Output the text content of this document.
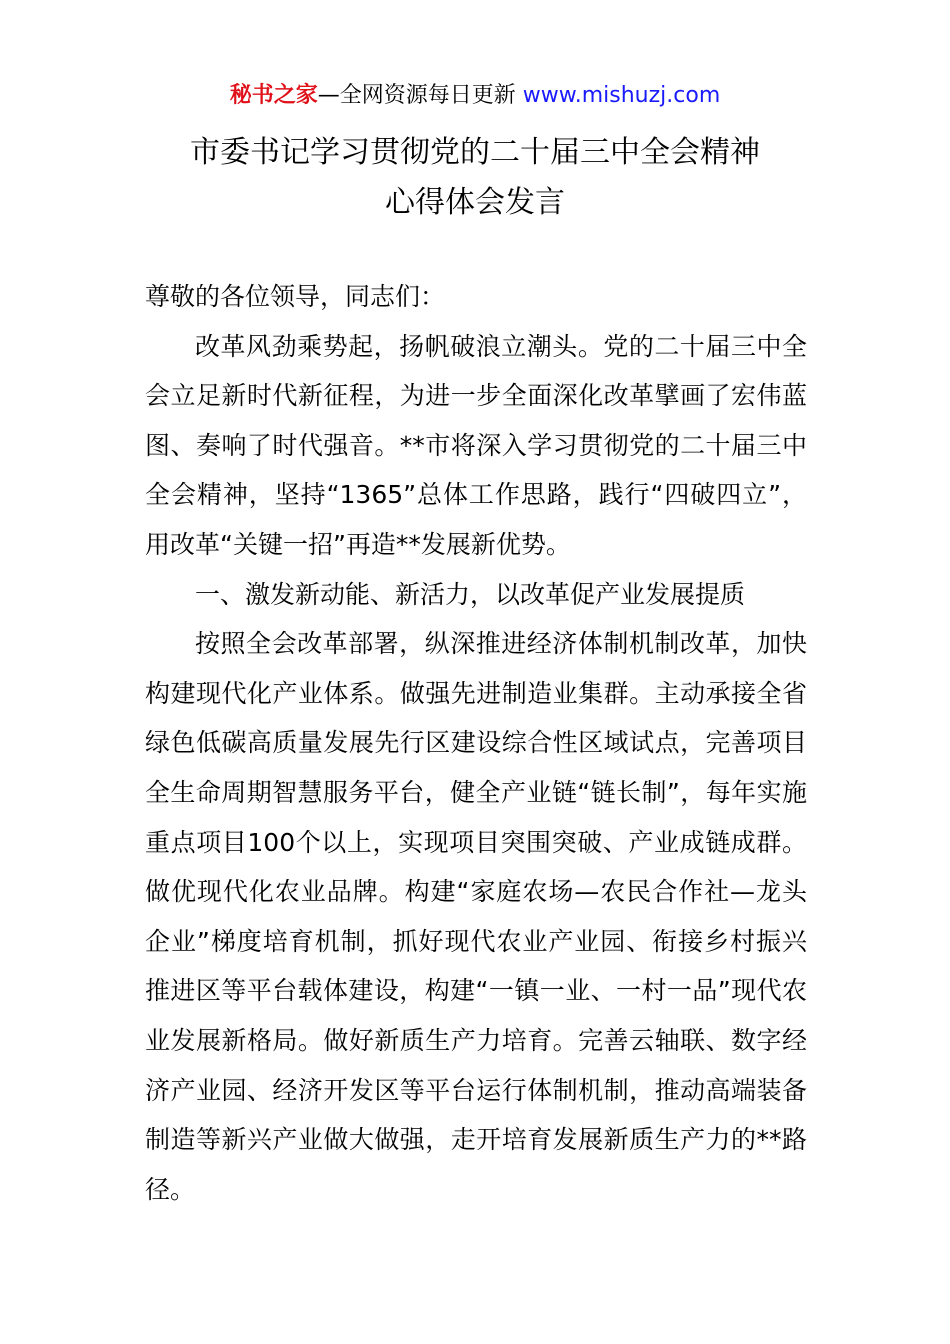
秘书之家—全网资源每日更新 www.mishuzj.com
市委书记学习贯彻党的二十届三中全会精神
心得体会发言

尊敬的各位领导，同志们：

改革风劲乘势起，扬帆破浪立潮头。党的二十届三中全会立足新时代新征程，为进一步全面深化改革擘画了宏伟蓝图、奏响了时代强音。**市将深入学习贯彻党的二十届三中全会精神，坚持“1365”总体工作思路，践行“四破四立”，用改革“关键一招”再造**发展新优势。

一、激发新动能、新活力，以改革促产业发展提质

按照全会改革部署，纵深推进经济体制机制改革，加快构建现代化产业体系。做强先进制造业集群。主动承接全省绿色低碳高质量发展先行区建设综合性区域试点，完善项目全生命周期智慧服务平台，健全产业链“链长制”，每年实施重点项目100个以上，实现项目突围突破、产业成链成群。做优现代化农业品牌。构建“家庭农场—农民合作社—龙头企业”梯度培育机制，抓好现代农业产业园、衔接乡村振兴推进区等平台载体建设，构建“一镇一业、一村一品”现代农业发展新格局。做好新质生产力培育。完善云轴联、数字经济产业园、经济开发区等平台运行体制机制，推动高端装备制造等新兴产业做大做强，走开培育发展新质生产力的**路径。
